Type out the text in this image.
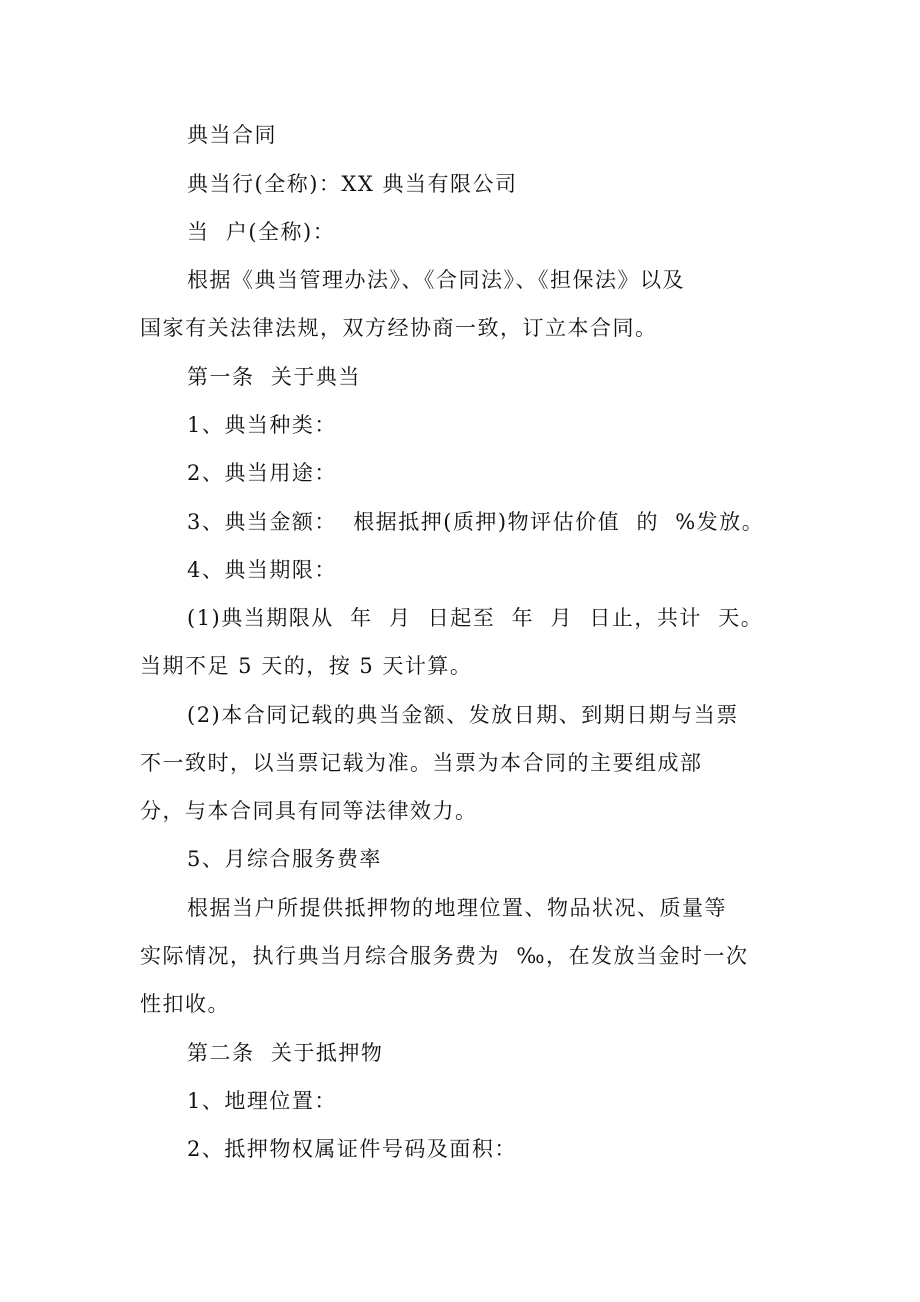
典当合同
典当行(全称)：XX 典当有限公司
当  户(全称)：
根据《典当管理办法》、《合同法》、《担保法》以及
国家有关法律法规，双方经协商一致，订立本合同。
第一条  关于典当
1、典当种类：
2、典当用途：
3、典当金额：  根据抵押(质押)物评估价值  的  %发放。
4、典当期限：
(1)典当期限从  年  月  日起至  年  月  日止，共计  天。
当期不足 5 天的，按 5 天计算。
(2)本合同记载的典当金额、发放日期、到期日期与当票
不一致时，以当票记载为准。当票为本合同的主要组成部
分，与本合同具有同等法律效力。
5、月综合服务费率
根据当户所提供抵押物的地理位置、物品状况、质量等
实际情况，执行典当月综合服务费为  ‰，在发放当金时一次
性扣收。
第二条  关于抵押物
1、地理位置：
2、抵押物权属证件号码及面积：
